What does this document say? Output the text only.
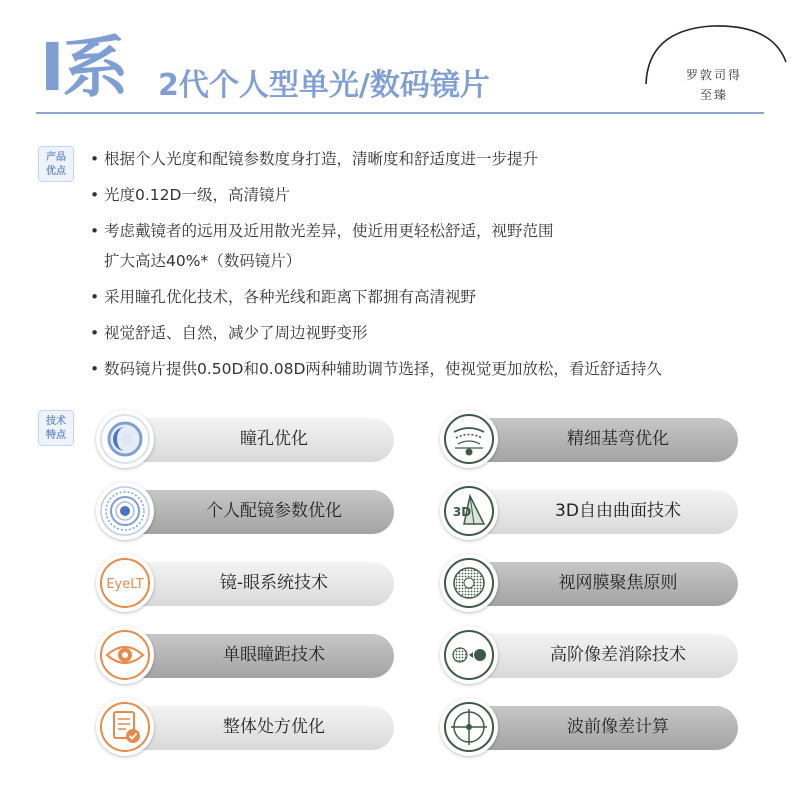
I系 2代个人型单光/数码镜片	罗敦司得
至臻
产品
优点
• 根据个人光度和配镜参数度身打造，清晰度和舒适度进一步提升
• 光度0.12D一级，高清镜片
• 考虑戴镜者的远用及近用散光差异，使近用更轻松舒适，视野范围
扩大高达40%*（数码镜片）
• 采用瞳孔优化技术，各种光线和距离下都拥有高清视野
• 视觉舒适、自然，减少了周边视野变形
• 数码镜片提供0.50D和0.08D两种辅助调节选择，使视觉更加放松，看近舒适持久
技术
特点	瞳孔优化
个人配镜参数优化
镜-眼系统技术
EyeLT
单眼瞳距技术
整体处方优化
精细基弯优化
3D自由曲面技术
3D
视网膜聚焦原则
高阶像差消除技术
波前像差计算
